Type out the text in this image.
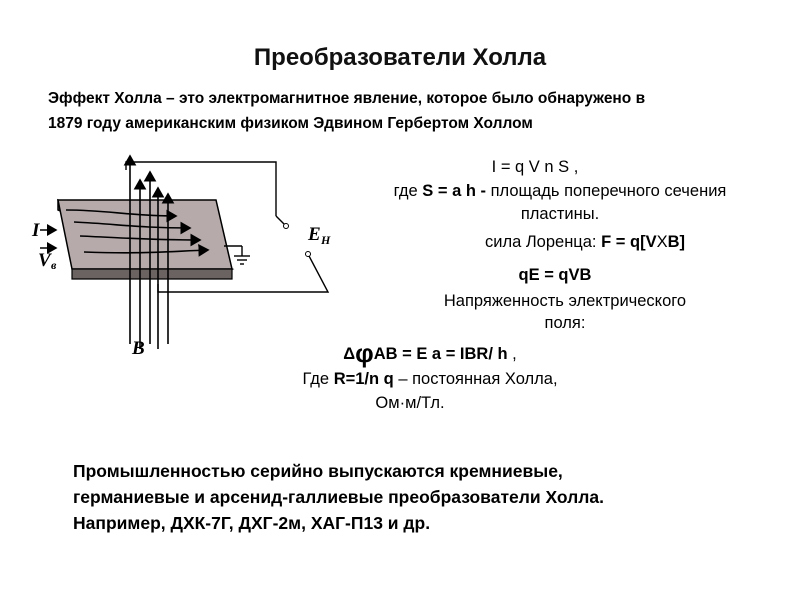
Преобразователи Холла
Эффект Холла – это электромагнитное явление, которое было обнаружено в
1879 году американским физиком Эдвином Гербертом Холлом
I
V в
E H
B
I = q V n S ,
где S = a h - площадь поперечного сечения
пластины.
сила Лоренца: F = q[VXB]
qE = qVB
Напряженность электрического
поля:
ΔφAB = E a = IBR/ h ,
Где R=1/n q – постоянная Холла,
Ом·м/Тл.
Промышленностью серийно выпускаются кремниевые,
германиевые и арсенид-галлиевые преобразователи Холла.
Например, ДХК-7Г, ДХГ-2м, ХАГ-П13 и др.
